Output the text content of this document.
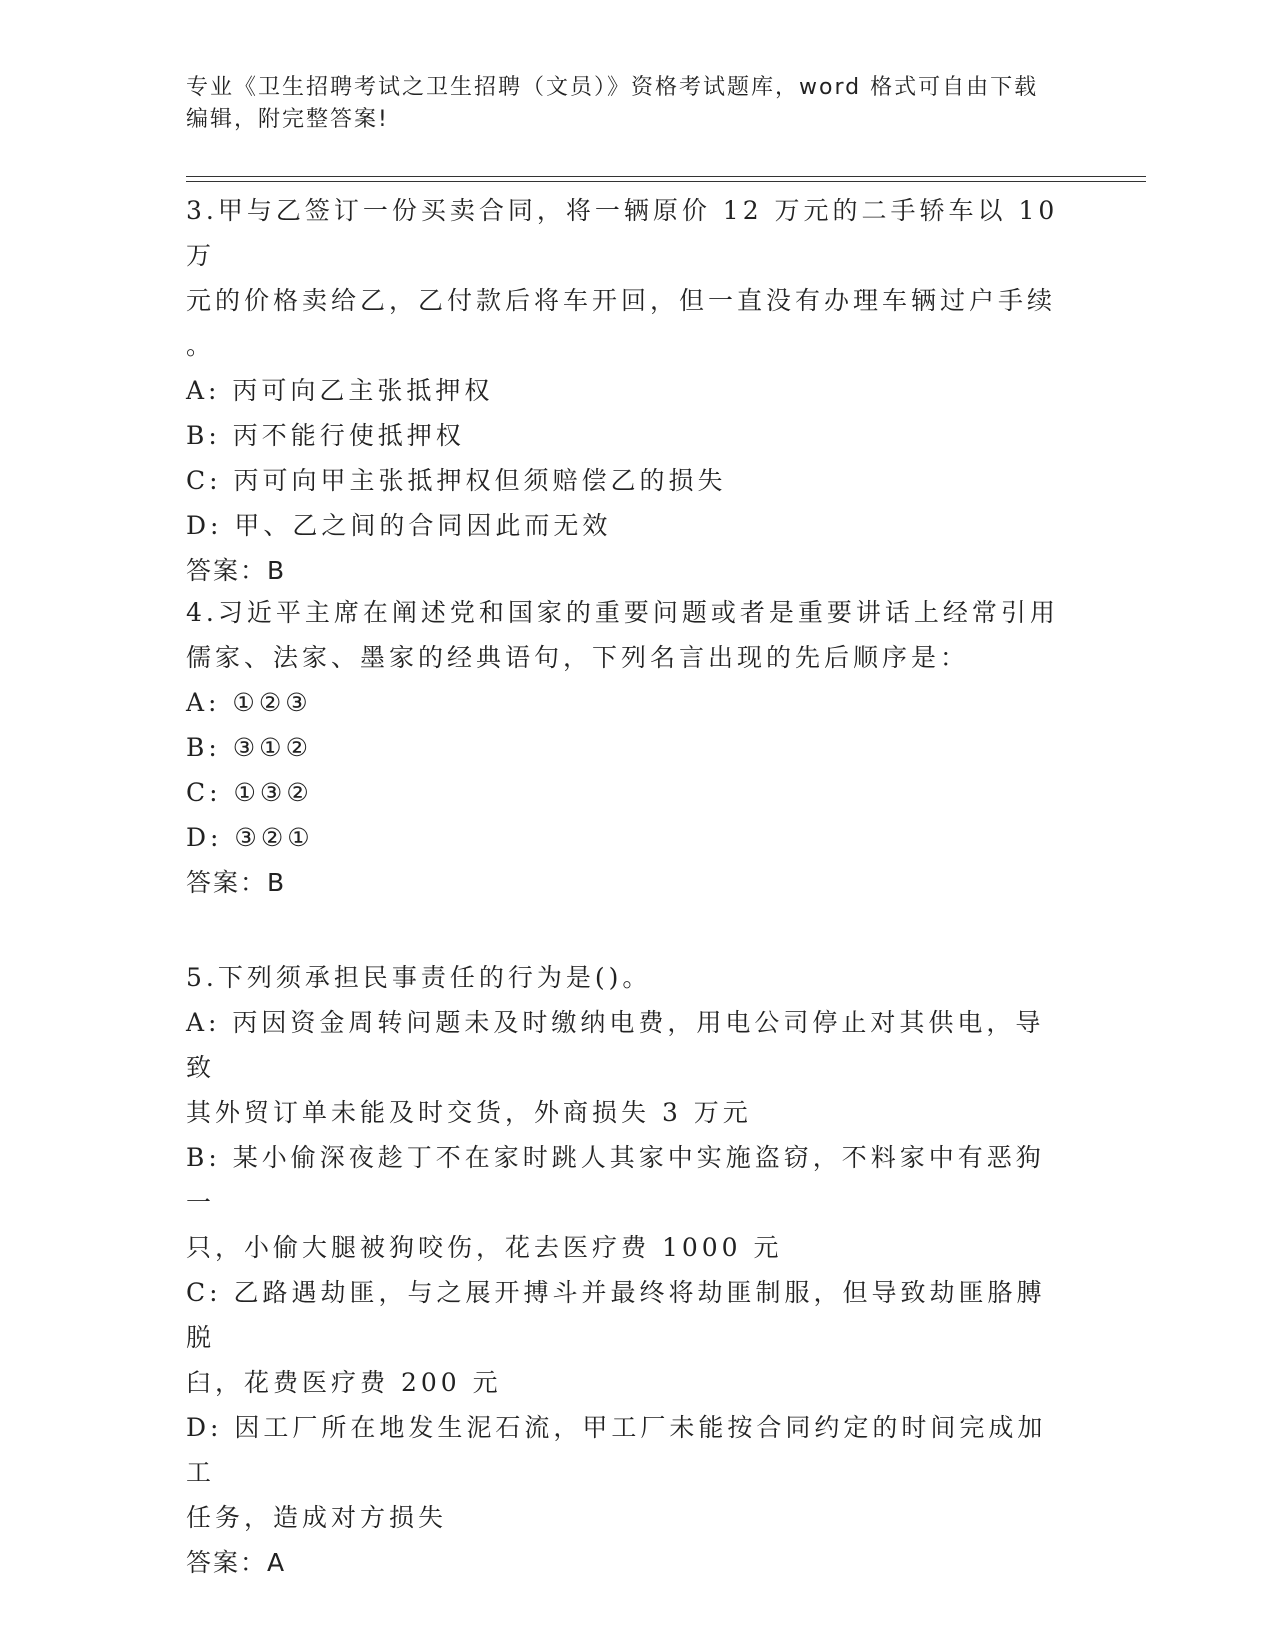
专业《卫生招聘考试之卫生招聘（文员）》资格考试题库，word 格式可自由下载
编辑，附完整答案!

3.甲与乙签订一份买卖合同，将一辆原价 12 万元的二手轿车以 10 万

元的价格卖给乙，乙付款后将车开回，但一直没有办理车辆过户手续

。

A: 丙可向乙主张抵押权

B: 丙不能行使抵押权

C: 丙可向甲主张抵押权但须赔偿乙的损失

D: 甲、乙之间的合同因此而无效

答案：B

4.习近平主席在阐述党和国家的重要问题或者是重要讲话上经常引用

儒家、法家、墨家的经典语句，下列名言出现的先后顺序是：

A: ①②③

B: ③①②

C: ①③②

D: ③②①

答案：B

5.下列须承担民事责任的行为是()。

A: 丙因资金周转问题未及时缴纳电费，用电公司停止对其供电，导致

其外贸订单未能及时交货，外商损失 3 万元

B: 某小偷深夜趁丁不在家时跳人其家中实施盗窃，不料家中有恶狗一

只，小偷大腿被狗咬伤，花去医疗费 1000 元

C: 乙路遇劫匪，与之展开搏斗并最终将劫匪制服，但导致劫匪胳膊脱

臼，花费医疗费 200 元

D: 因工厂所在地发生泥石流，甲工厂未能按合同约定的时间完成加工

任务，造成对方损失

答案：A
